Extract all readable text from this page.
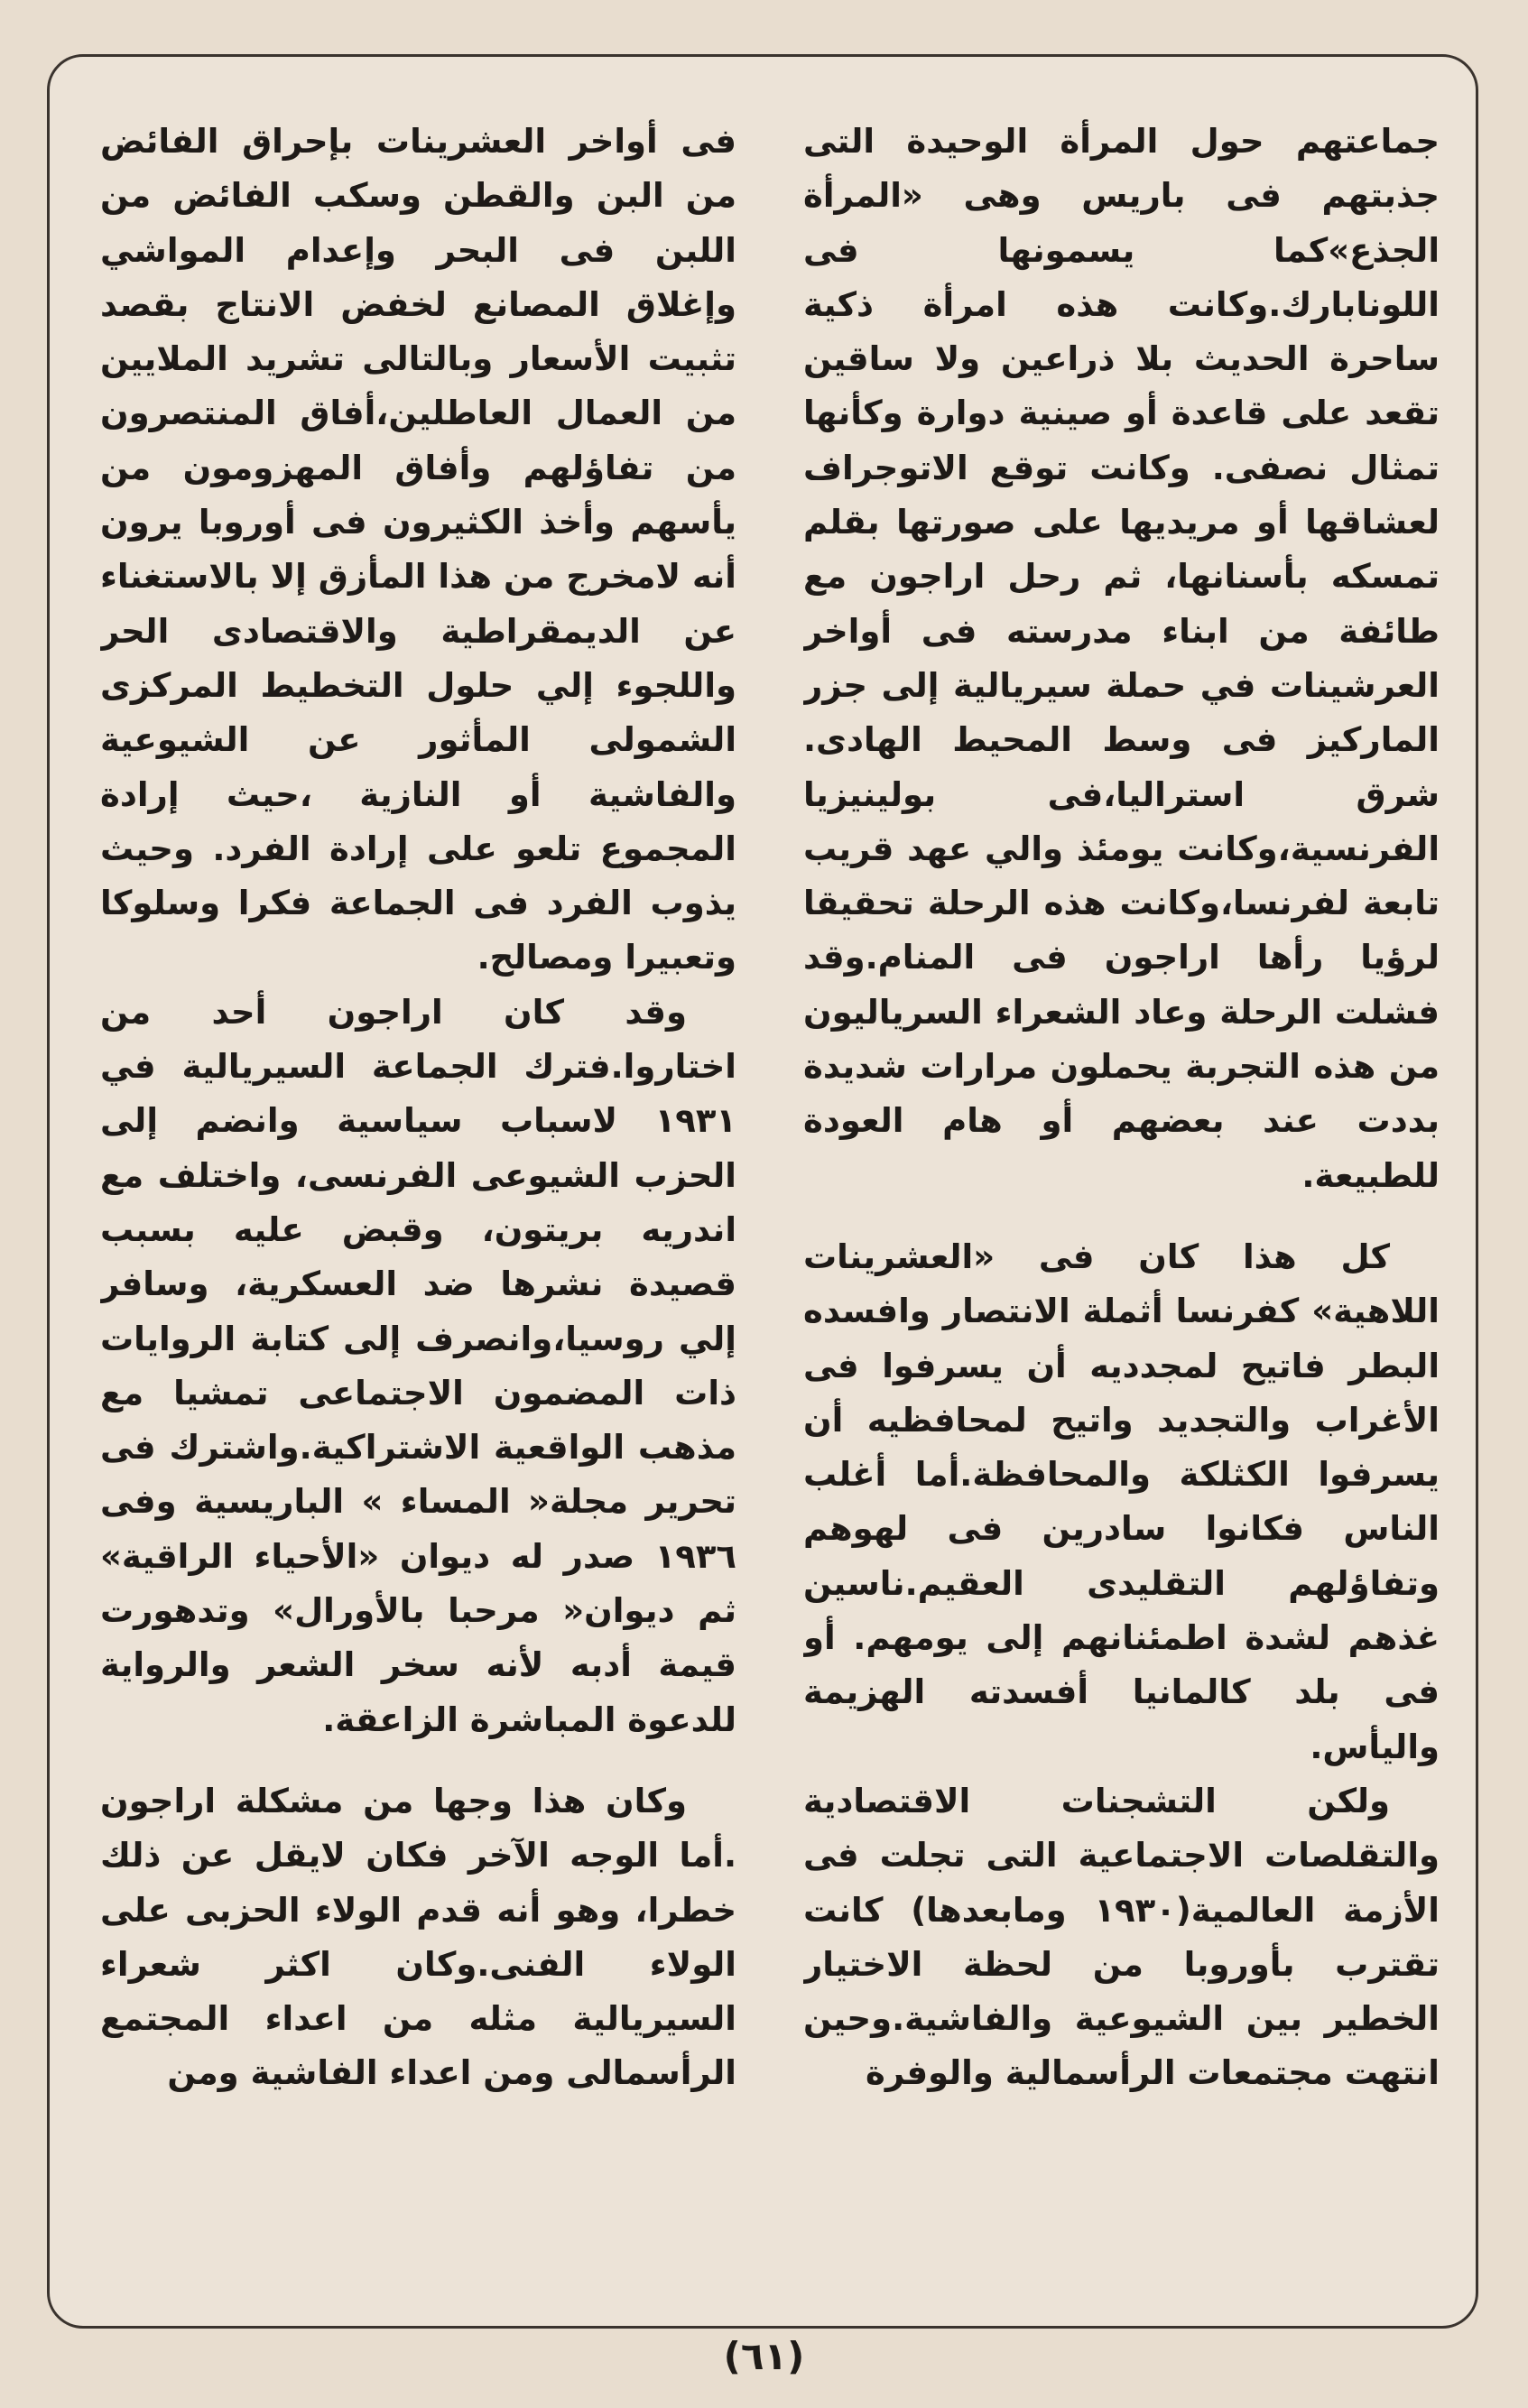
جماعتهم حول المرأة الوحيدة التى جذبتهم فى باريس وهى «المرأة الجذع»كما يسمونها فى اللونابارك.وكانت هذه امرأة ذكية ساحرة الحديث بلا ذراعين ولا ساقين تقعد على قاعدة أو صينية دوارة وكأنها تمثال نصفى. وكانت توقع الاتوجراف لعشاقها أو مريديها على صورتها بقلم تمسكه بأسنانها، ثم رحل اراجون مع طائفة من ابناء مدرسته فى أواخر العرشينات في حملة سيريالية إلى جزر الماركيز فى وسط المحيط الهادى. شرق استراليا،فى بولينيزيا الفرنسية،وكانت يومئذ والي عهد قريب تابعة لفرنسا،وكانت هذه الرحلة تحقيقا لرؤيا رأها اراجون فى المنام.وقد فشلت الرحلة وعاد الشعراء السرياليون من هذه التجربة يحملون مرارات شديدة بددت عند بعضهم أو هام العودة للطبيعة.

كل هذا كان فى «العشرينات اللاهية» كفرنسا أثملة الانتصار وافسده البطر فاتيح لمجدديه أن يسرفوا فى الأغراب والتجديد واتيح لمحافظيه أن يسرفوا الكثلكة والمحافظة.أما أغلب الناس فكانوا سادرين فى لهوهم وتفاؤلهم التقليدى العقيم.ناسين غذهم لشدة اطمئنانهم إلى يومهم. أو فى بلد كالمانيا أفسدته الهزيمة واليأس.

ولكن التشجنات الاقتصادية والتقلصات الاجتماعية التى تجلت فى الأزمة العالمية(١٩٣٠ ومابعدها) كانت تقترب بأوروبا من لحظة الاختيار الخطير بين الشيوعية والفاشية.وحين انتهت مجتمعات الرأسمالية والوفرة

فى أواخر العشرينات بإحراق الفائض من البن والقطن وسكب الفائض من اللبن فى البحر وإعدام المواشي وإغلاق المصانع لخفض الانتاج بقصد تثبيت الأسعار وبالتالى تشريد الملايين من العمال العاطلين،أفاق المنتصرون من تفاؤلهم وأفاق المهزومون من يأسهم وأخذ الكثيرون فى أوروبا يرون أنه لامخرج من هذا المأزق إلا بالاستغناء عن الديمقراطية والاقتصادى الحر واللجوء إلي حلول التخطيط المركزى الشمولى المأثور عن الشيوعية والفاشية أو النازية ،حيث إرادة المجموع تلعو على إرادة الفرد. وحيث يذوب الفرد فى الجماعة فكرا وسلوكا وتعبيرا ومصالح.

وقد كان اراجون أحد من اختاروا.فترك الجماعة السيريالية في ١٩٣١ لاسباب سياسية وانضم إلى الحزب الشيوعى الفرنسى، واختلف مع اندريه بريتون، وقبض عليه بسبب قصيدة نشرها ضد العسكرية، وسافر إلي روسيا،وانصرف إلى كتابة الروايات ذات المضمون الاجتماعى تمشيا مع مذهب الواقعية الاشتراكية.واشترك فى تحرير مجلة« المساء » الباريسية وفى ١٩٣٦ صدر له ديوان «الأحياء الراقية» ثم ديوان« مرحبا بالأورال» وتدهورت قيمة أدبه لأنه سخر الشعر والرواية للدعوة المباشرة الزاعقة.

وكان هذا وجها من مشكلة اراجون .أما الوجه الآخر فكان لايقل عن ذلك خطرا، وهو أنه قدم الولاء الحزبى على الولاء الفنى.وكان اكثر شعراء السيريالية مثله من اعداء المجتمع الرأسمالى ومن اعداء الفاشية ومن

(٦١)
